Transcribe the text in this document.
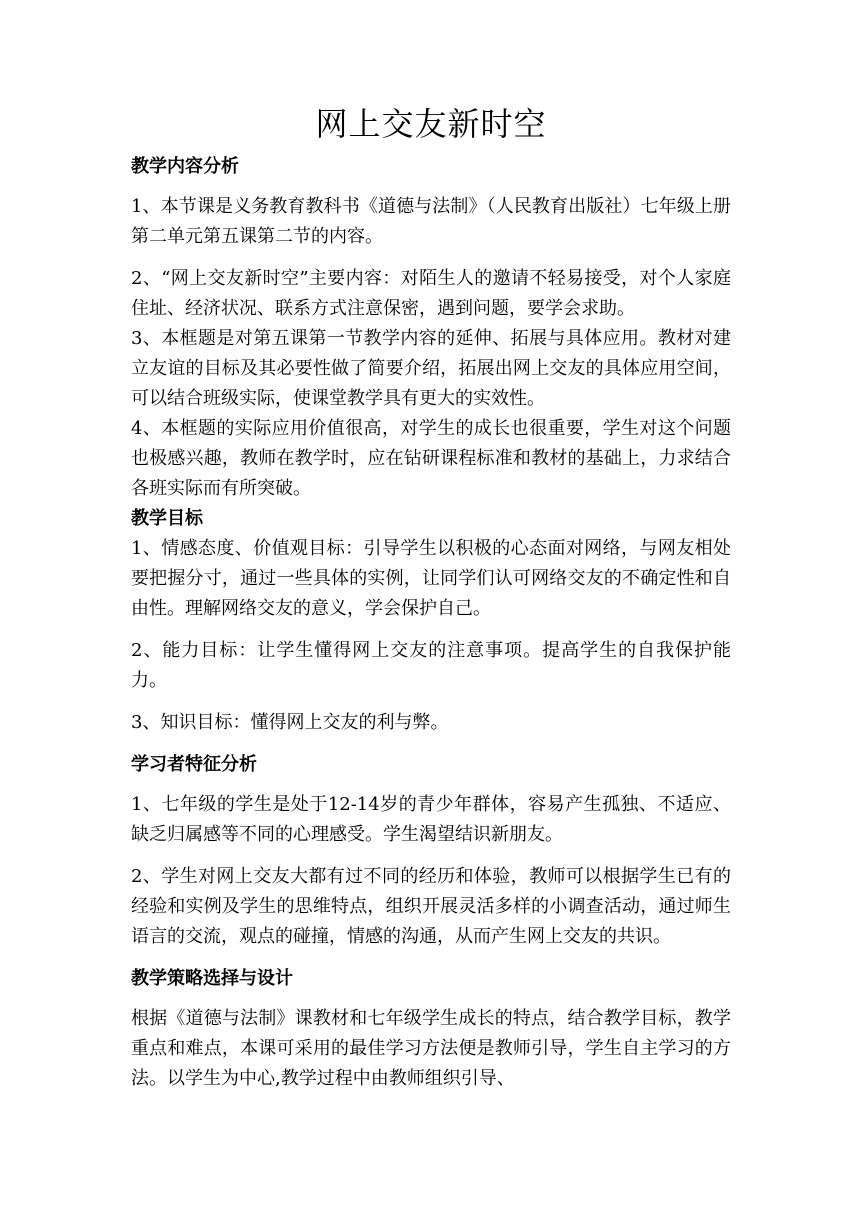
网上交友新时空
教学内容分析

1、本节课是义务教育教科书《道德与法制》（人民教育出版社）七年级上册第二单元第五课第二节的内容。

2、“网上交友新时空”主要内容：对陌生人的邀请不轻易接受，对个人家庭住址、经济状况、联系方式注意保密，遇到问题，要学会求助。

3、本框题是对第五课第一节教学内容的延伸、拓展与具体应用。教材对建立友谊的目标及其必要性做了简要介绍，拓展出网上交友的具体应用空间，可以结合班级实际，使课堂教学具有更大的实效性。

4、本框题的实际应用价值很高，对学生的成长也很重要，学生对这个问题也极感兴趣，教师在教学时，应在钻研课程标准和教材的基础上，力求结合各班实际而有所突破。

教学目标

1、情感态度、价值观目标：引导学生以积极的心态面对网络，与网友相处要把握分寸，通过一些具体的实例，让同学们认可网络交友的不确定性和自由性。理解网络交友的意义，学会保护自己。

2、能力目标：让学生懂得网上交友的注意事项。提高学生的自我保护能力。

3、知识目标：懂得网上交友的利与弊。

学习者特征分析

1、七年级的学生是处于12-14岁的青少年群体，容易产生孤独、不适应、缺乏归属感等不同的心理感受。学生渴望结识新朋友。

2、学生对网上交友大都有过不同的经历和体验，教师可以根据学生已有的经验和实例及学生的思维特点，组织开展灵活多样的小调查活动，通过师生语言的交流，观点的碰撞，情感的沟通，从而产生网上交友的共识。

教学策略选择与设计

根据《道德与法制》课教材和七年级学生成长的特点，结合教学目标，教学重点和难点，本课可采用的最佳学习方法便是教师引导，学生自主学习的方法。以学生为中心,教学过程中由教师组织引导、
